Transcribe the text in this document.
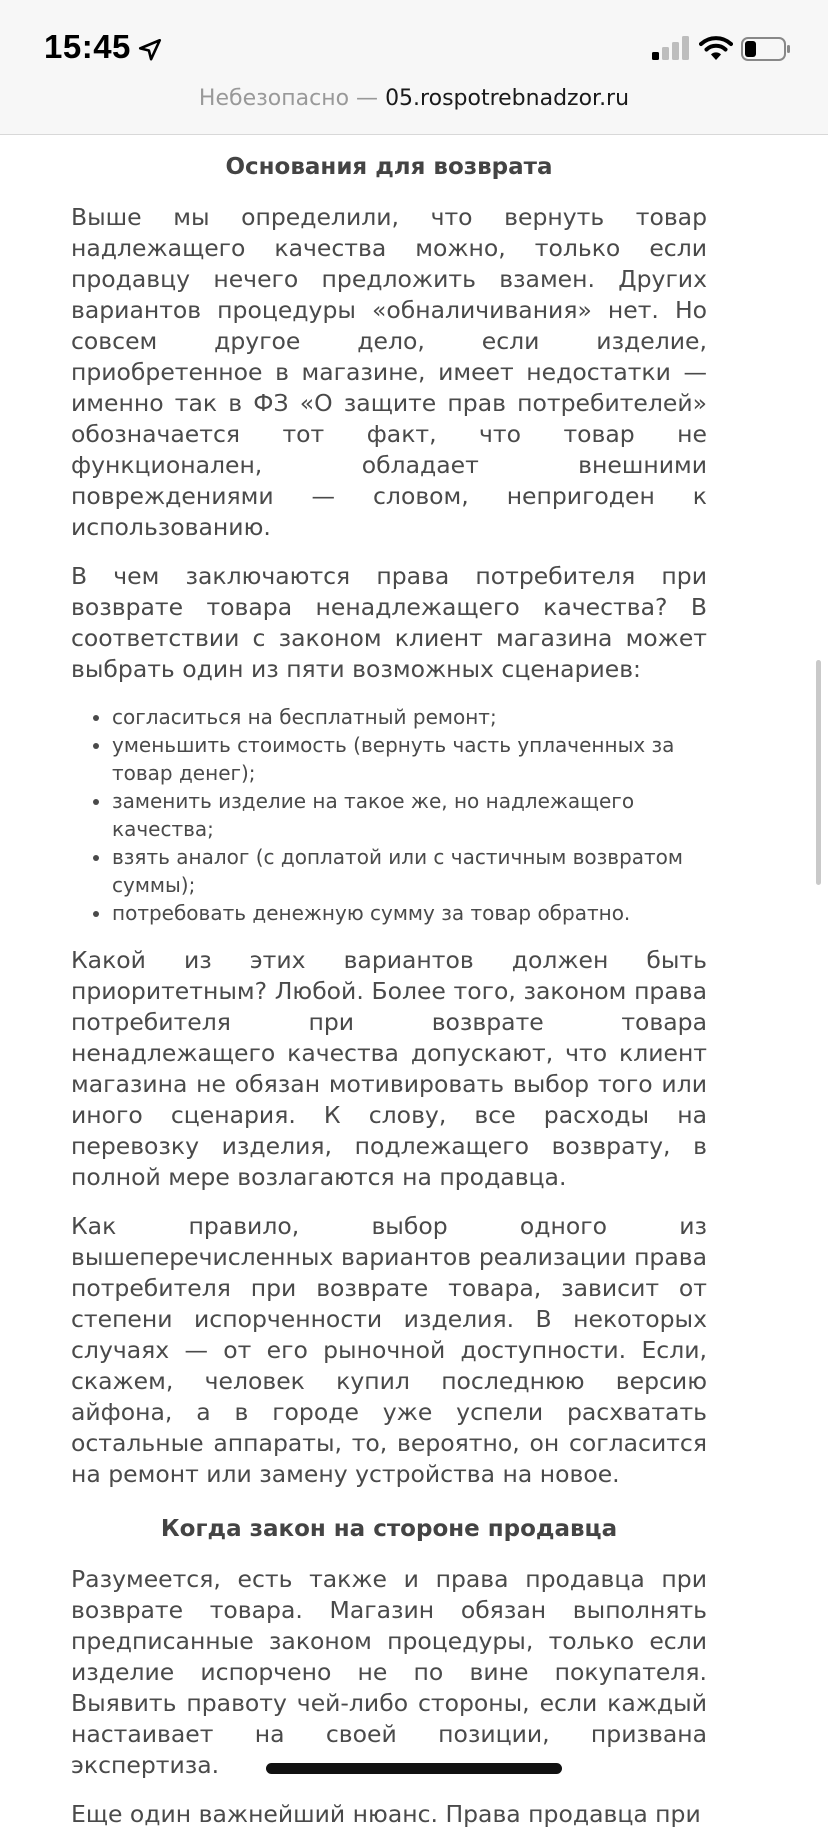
15:45
Небезопасно — 05.rospotrebnadzor.ru
Основания для возврата

Выше мы определили, что вернуть товар надлежащего качества можно, только если продавцу нечего предложить взамен. Других вариантов процедуры «обналичивания» нет. Но совсем другое дело, если изделие, приобретенное в магазине, имеет недостатки — именно так в ФЗ «О защите прав потребителей» обозначается тот факт, что товар не функционален, обладает внешними повреждениями — словом, непригоден к использованию.

В чем заключаются права потребителя при возврате товара ненадлежащего качества? В соответствии с законом клиент магазина может выбрать один из пяти возможных сценариев:

• согласиться на бесплатный ремонт;
• уменьшить стоимость (вернуть часть уплаченных за товар денег);
• заменить изделие на такое же, но надлежащего качества;
• взять аналог (с доплатой или с частичным возвратом суммы);
• потребовать денежную сумму за товар обратно.

Какой из этих вариантов должен быть приоритетным? Любой. Более того, законом права потребителя при возврате товара ненадлежащего качества допускают, что клиент магазина не обязан мотивировать выбор того или иного сценария. К слову, все расходы на перевозку изделия, подлежащего возврату, в полной мере возлагаются на продавца.

Как правило, выбор одного из вышеперечисленных вариантов реализации права потребителя при возврате товара, зависит от степени испорченности изделия. В некоторых случаях — от его рыночной доступности. Если, скажем, человек купил последнюю версию айфона, а в городе уже успели расхватать остальные аппараты, то, вероятно, он согласится на ремонт или замену устройства на новое.

Когда закон на стороне продавца

Разумеется, есть также и права продавца при возврате товара. Магазин обязан выполнять предписанные законом процедуры, только если изделие испорчено не по вине покупателя. Выявить правоту чей-либо стороны, если каждый настаивает на своей позиции, призвана экспертиза.

Еще один важнейший нюанс. Права продавца при
